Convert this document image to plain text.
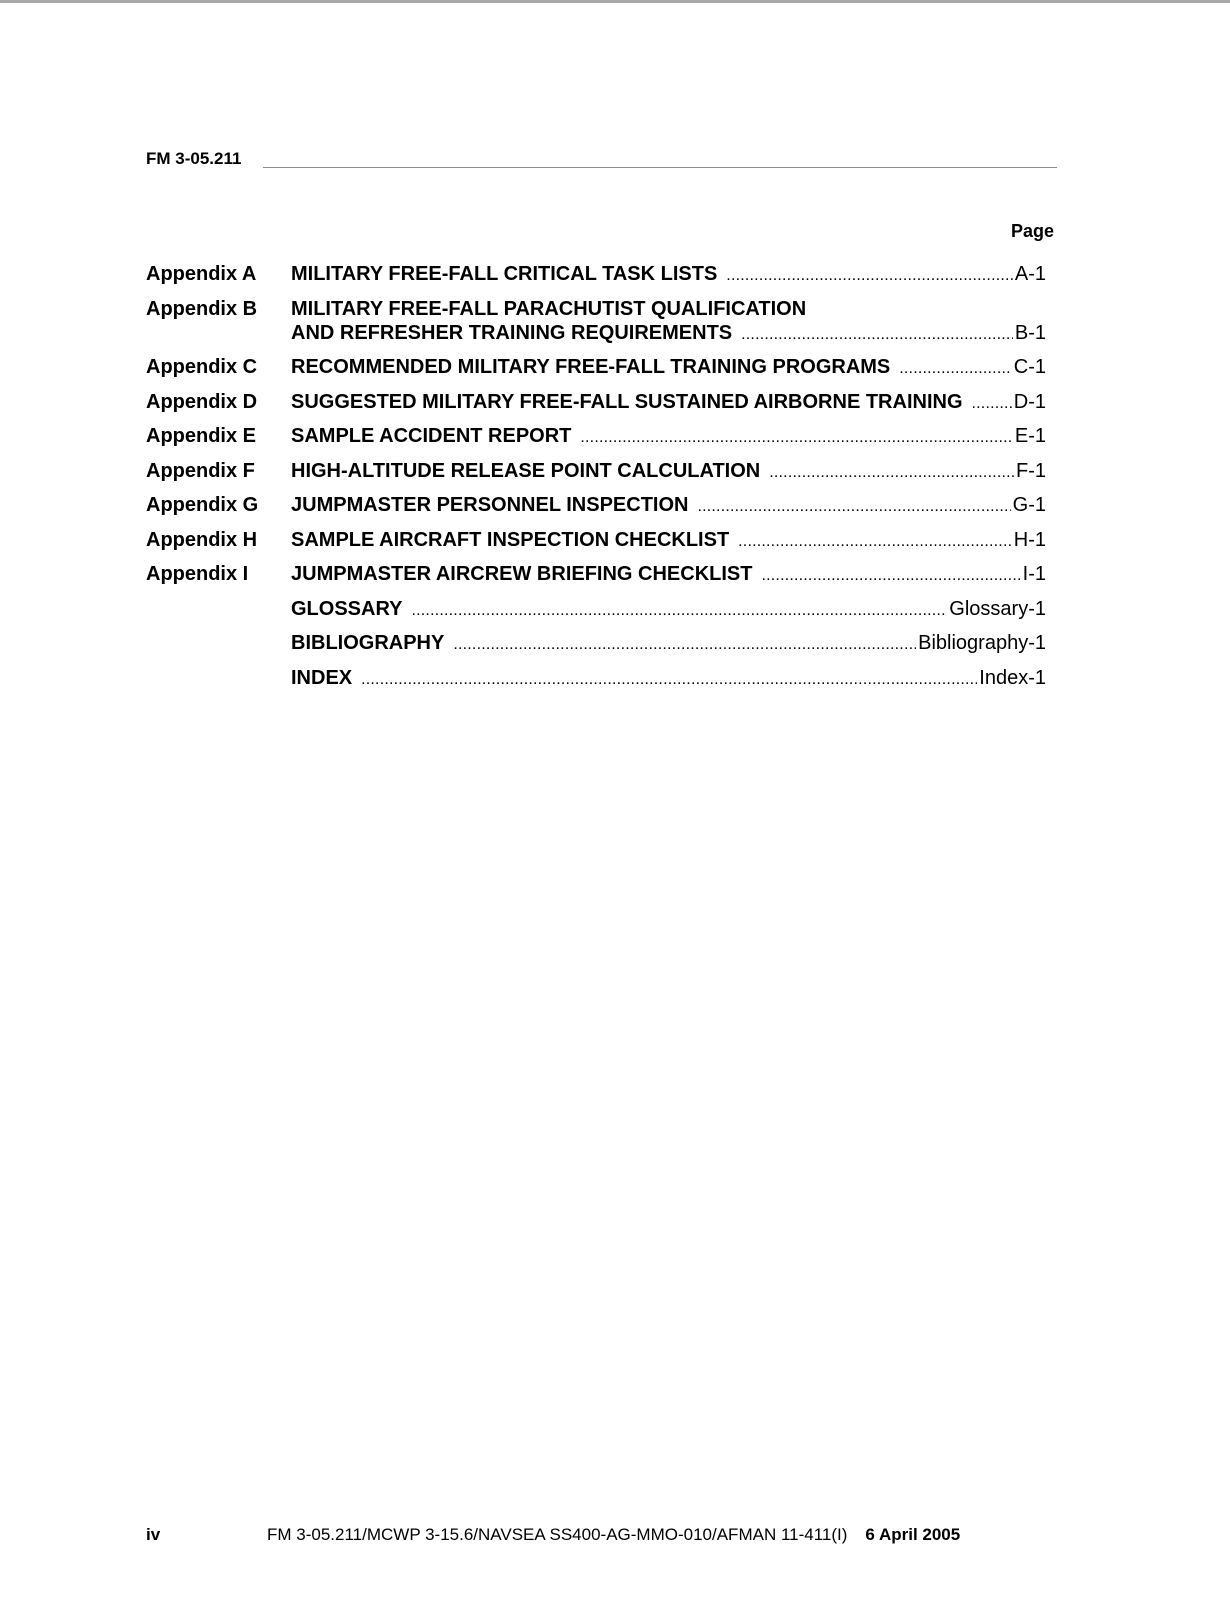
FM 3-05.211
Page
Appendix A MILITARY FREE-FALL CRITICAL TASK LISTS .....	A-1
Appendix B MILITARY FREE-FALL PARACHUTIST QUALIFICATION
AND REFRESHER TRAINING REQUIREMENTS .....	B-1
Appendix C RECOMMENDED MILITARY FREE-FALL TRAINING PROGRAMS .....	C-1
Appendix D SUGGESTED MILITARY FREE-FALL SUSTAINED AIRBORNE TRAINING .....	D-1
Appendix E SAMPLE ACCIDENT REPORT .....	E-1
Appendix F HIGH-ALTITUDE RELEASE POINT CALCULATION .....	F-1
Appendix G JUMPMASTER PERSONNEL INSPECTION .....	G-1
Appendix H SAMPLE AIRCRAFT INSPECTION CHECKLIST .....	H-1
Appendix I JUMPMASTER AIRCREW BRIEFING CHECKLIST .....	I-1
GLOSSARY .....	Glossary-1
BIBLIOGRAPHY .....	Bibliography-1
INDEX .....	Index-1
iv	FM 3-05.211/MCWP 3-15.6/NAVSEA SS400-AG-MMO-010/AFMAN 11-411(I) 6 April 2005
